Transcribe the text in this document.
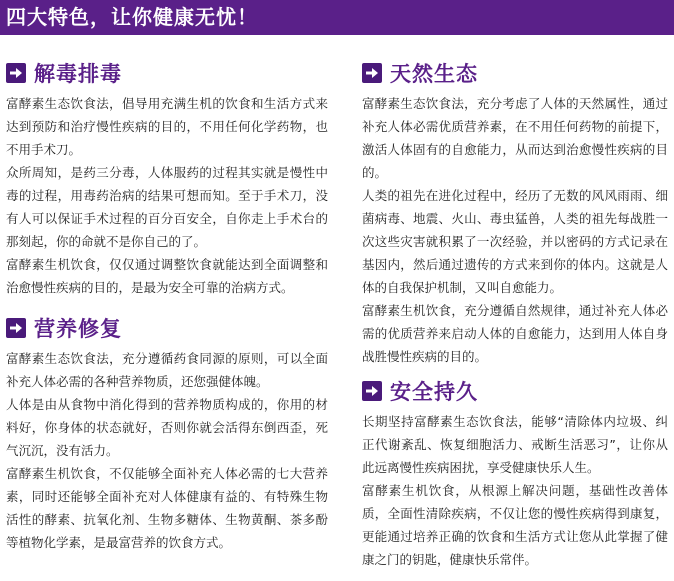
四大特色，让你健康无忧！
解毒排毒

富酵素生态饮食法，倡导用充满生机的饮食和生活方式来达到预防和治疗慢性疾病的目的，不用任何化学药物，也不用手术刀。

众所周知，是药三分毒，人体服药的过程其实就是慢性中毒的过程，用毒药治病的结果可想而知。至于手术刀，没有人可以保证手术过程的百分百安全，自你走上手术台的那刻起，你的命就不是你自己的了。

富酵素生机饮食，仅仅通过调整饮食就能达到全面调整和治愈慢性疾病的目的，是最为安全可靠的治病方式。

营养修复

富酵素生态饮食法，充分遵循药食同源的原则，可以全面补充人体必需的各种营养物质，还您强健体魄。

人体是由从食物中消化得到的营养物质构成的，你用的材料好，你身体的状态就好，否则你就会活得东倒西歪，死气沉沉，没有活力。

富酵素生机饮食，不仅能够全面补充人体必需的七大营养素，同时还能够全面补充对人体健康有益的、有特殊生物活性的酵素、抗氧化剂、生物多糖体、生物黄酮、茶多酚等植物化学素，是最富营养的饮食方式。

天然生态

富酵素生态饮食法，充分考虑了人体的天然属性，通过补充人体必需优质营养素，在不用任何药物的前提下，激活人体固有的自愈能力，从而达到治愈慢性疾病的目的。

人类的祖先在进化过程中，经历了无数的风风雨雨、细菌病毒、地震、火山、毒虫猛兽，人类的祖先每战胜一次这些灾害就积累了一次经验，并以密码的方式记录在基因内，然后通过遗传的方式来到你的体内。这就是人体的自我保护机制，又叫自愈能力。

富酵素生机饮食，充分遵循自然规律，通过补充人体必需的优质营养来启动人体的自愈能力，达到用人体自身战胜慢性疾病的目的。

安全持久

长期坚持富酵素生态饮食法，能够“清除体内垃圾、纠正代谢紊乱、恢复细胞活力、戒断生活恶习”，让你从此远离慢性疾病困扰，享受健康快乐人生。

富酵素生机饮食，从根源上解决问题，基础性改善体质，全面性清除疾病，不仅让您的慢性疾病得到康复，更能通过培养正确的饮食和生活方式让您从此掌握了健康之门的钥匙，健康快乐常伴。
